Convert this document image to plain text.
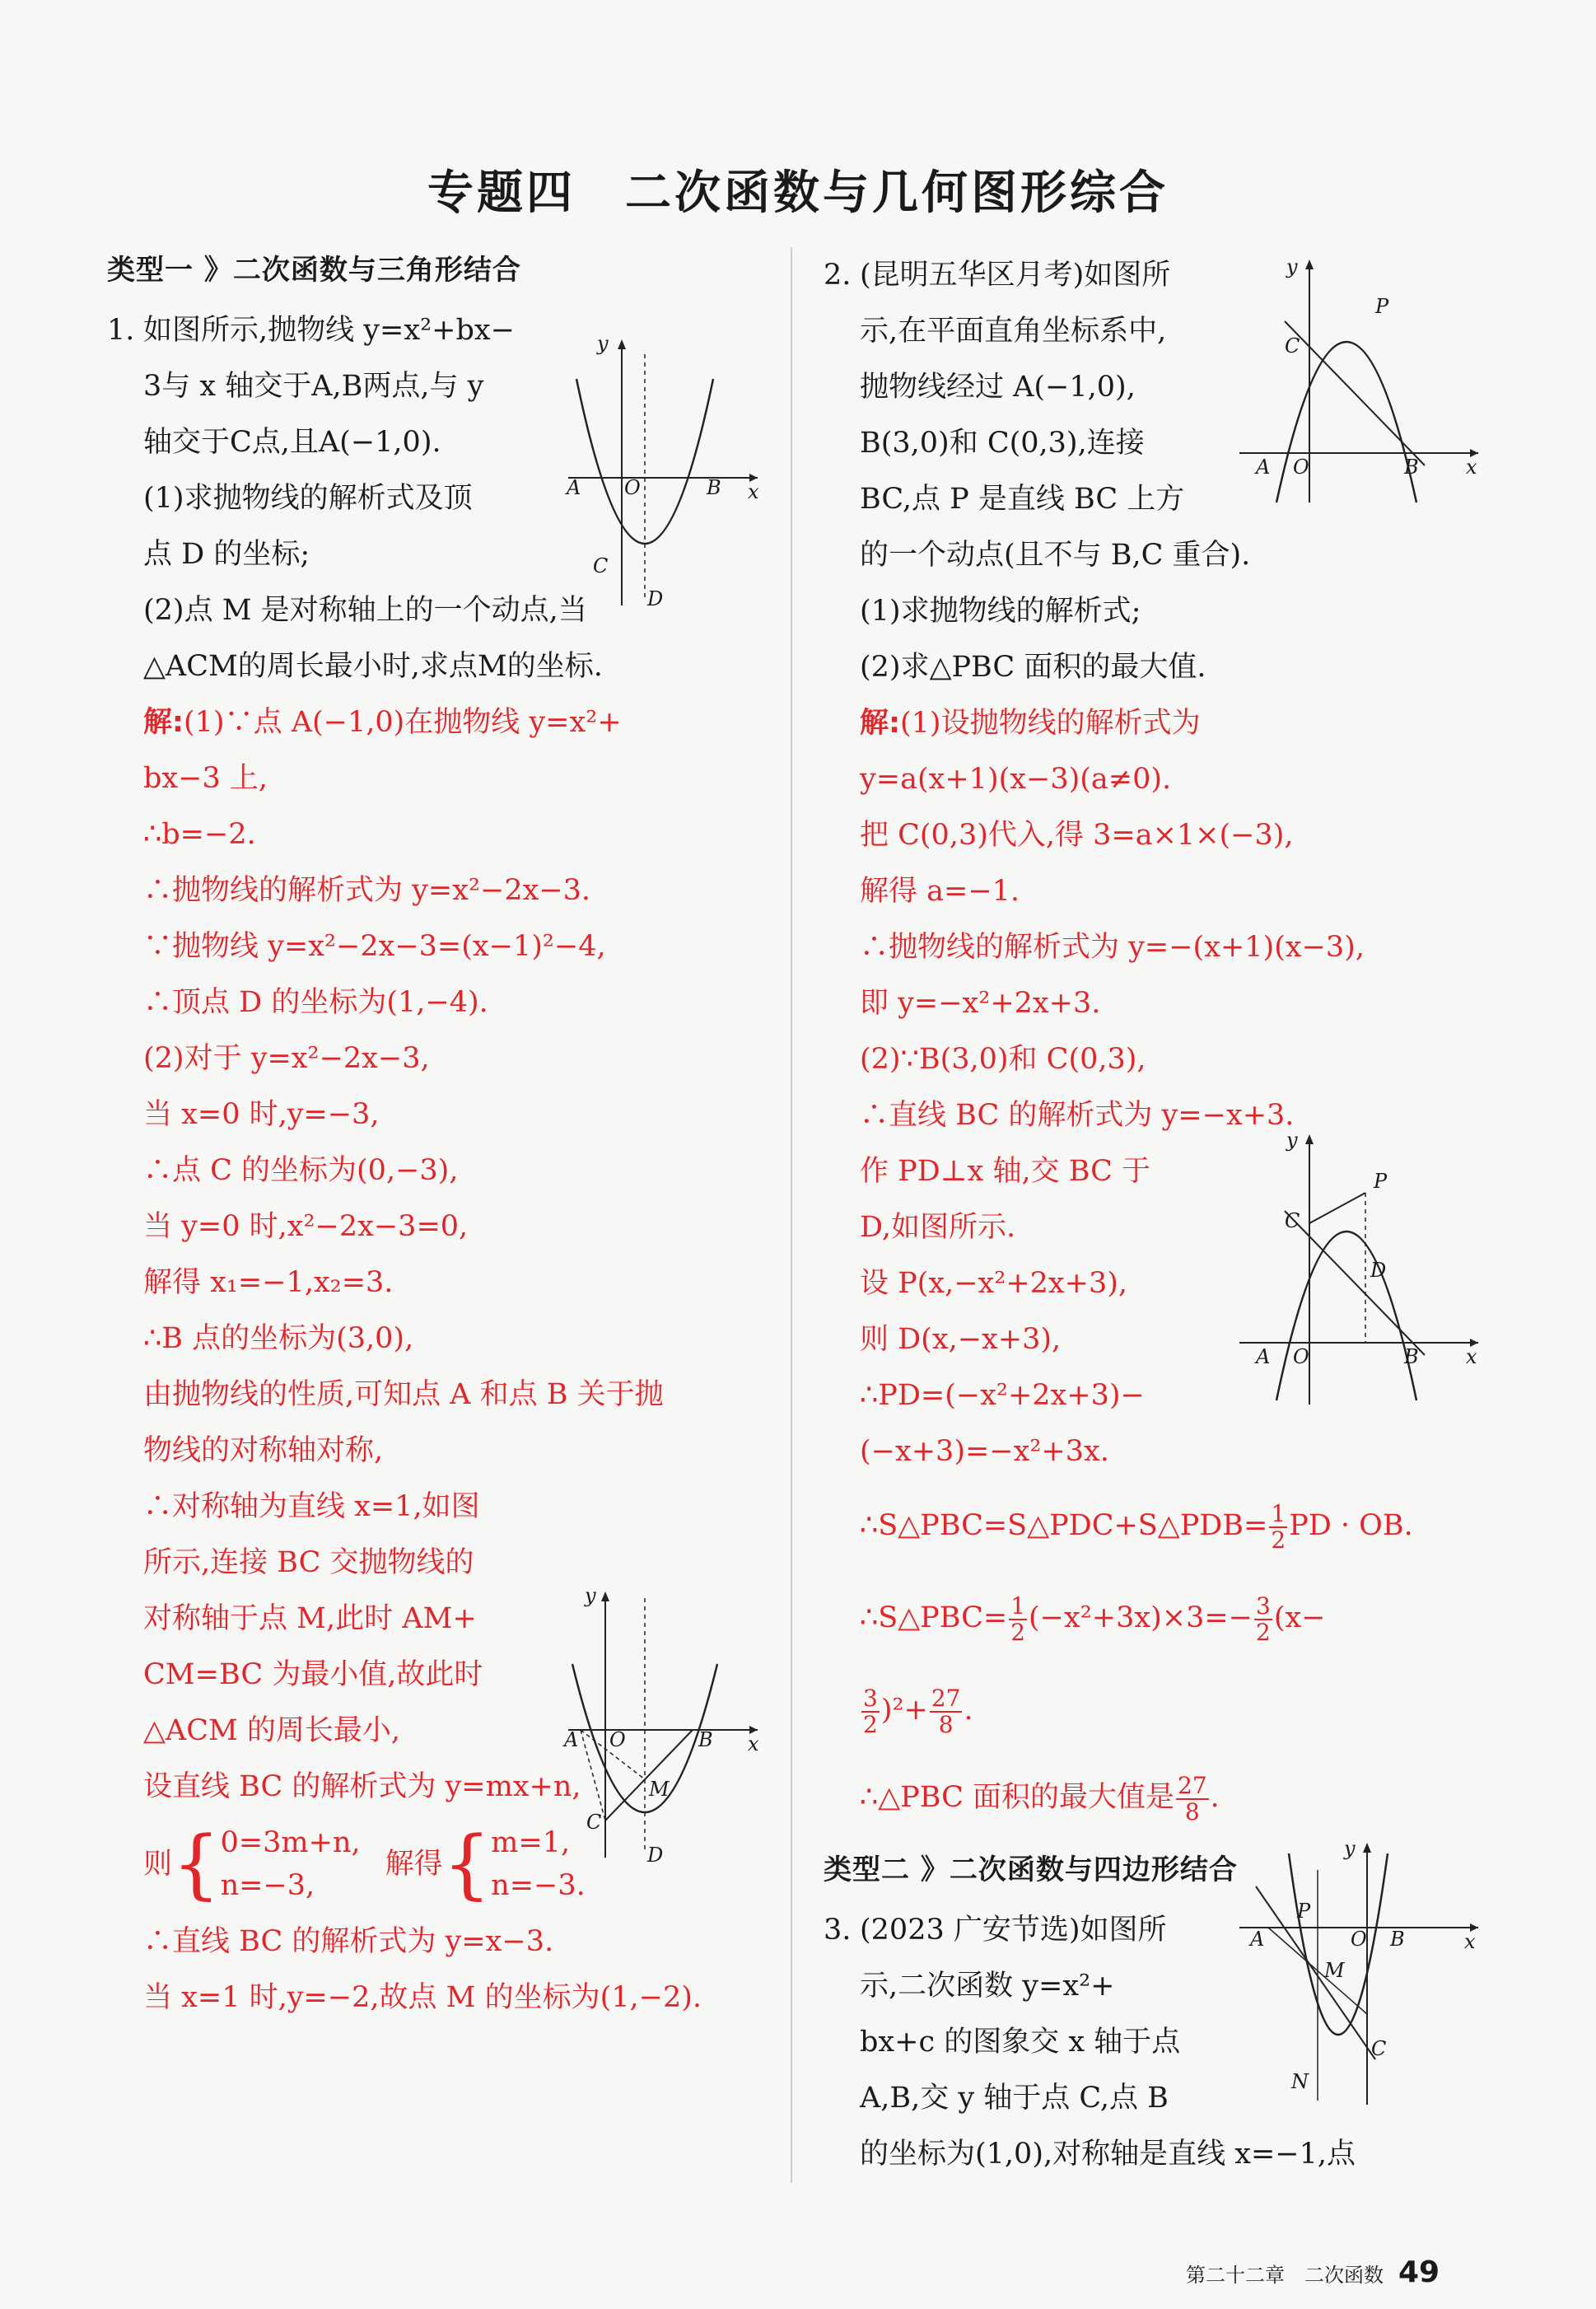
专题四　二次函数与几何图形综合
类型一 》二次函数与三角形结合
1. 如图所示,抛物线 y=x²+bx−
3与 x 轴交于A,B两点,与 y
轴交于C点,且A(−1,0).
(1)求抛物线的解析式及顶
点 D 的坐标;
(2)点 M 是对称轴上的一个动点,当
△ACM的周长最小时,求点M的坐标.
解:(1)∵点 A(−1,0)在抛物线 y=x²+
bx−3 上,
∴b=−2.
∴抛物线的解析式为 y=x²−2x−3.
∵抛物线 y=x²−2x−3=(x−1)²−4,
∴顶点 D 的坐标为(1,−4).
(2)对于 y=x²−2x−3,
当 x=0 时,y=−3,
∴点 C 的坐标为(0,−3),
当 y=0 时,x²−2x−3=0,
解得 x₁=−1,x₂=3.
∴B 点的坐标为(3,0),
由抛物线的性质,可知点 A 和点 B 关于抛
物线的对称轴对称,
∴对称轴为直线 x=1,如图
所示,连接 BC 交抛物线的
对称轴于点 M,此时 AM+
CM=BC 为最小值,故此时
△ACM 的周长最小,
设直线 BC 的解析式为 y=mx+n,
则 { 0=3m+n,
n=−3,
解得 { m=1,
n=−3.
∴直线 BC 的解析式为 y=x−3.
当 x=1 时,y=−2,故点 M 的坐标为(1,−2).
y
x
A O	B
C
D
y
x
A O	B
C
D
M
2. (昆明五华区月考)如图所
示,在平面直角坐标系中,
抛物线经过 A(−1,0),
B(3,0)和 C(0,3),连接
BC,点 P 是直线 BC 上方
的一个动点(且不与 B,C 重合).
(1)求抛物线的解析式;
(2)求△PBC 面积的最大值.
解:(1)设抛物线的解析式为
y=a(x+1)(x−3)(a≠0).
把 C(0,3)代入,得 3=a×1×(−3),
解得 a=−1.
∴抛物线的解析式为 y=−(x+1)(x−3),
即 y=−x²+2x+3.
(2)∵B(3,0)和 C(0,3),
∴直线 BC 的解析式为 y=−x+3.
作 PD⊥x 轴,交 BC 于
D,如图所示.
设 P(x,−x²+2x+3),
则 D(x,−x+3),
∴PD=(−x²+2x+3)−
(−x+3)=−x²+3x.
∴S△PBC=S△PDC+S△PDB= $\frac{1}{2}$ PD · OB.
∴S△PBC= $\frac{1}{2} (-x^2+3x)\times 3=- \frac{3}{2} (x-$
$\frac{3}{2} )^2+ \frac{27}{8}$ .
∴△PBC 面积的最大值是 $\frac{27}{8}$ .
类型二 》二次函数与四边形结合
3. (2023 广安节选)如图所
示,二次函数 y=x²+
bx+c 的图象交 x 轴于点
A,B,交 y 轴于点 C,点 B
的坐标为(1,0),对称轴是直线 x=−1,点
y
x
A O	B
C
P
y
x
A O	B
C
P
D
y
x
A	O B
C
P
M
N
第二十二章　二次函数 49
